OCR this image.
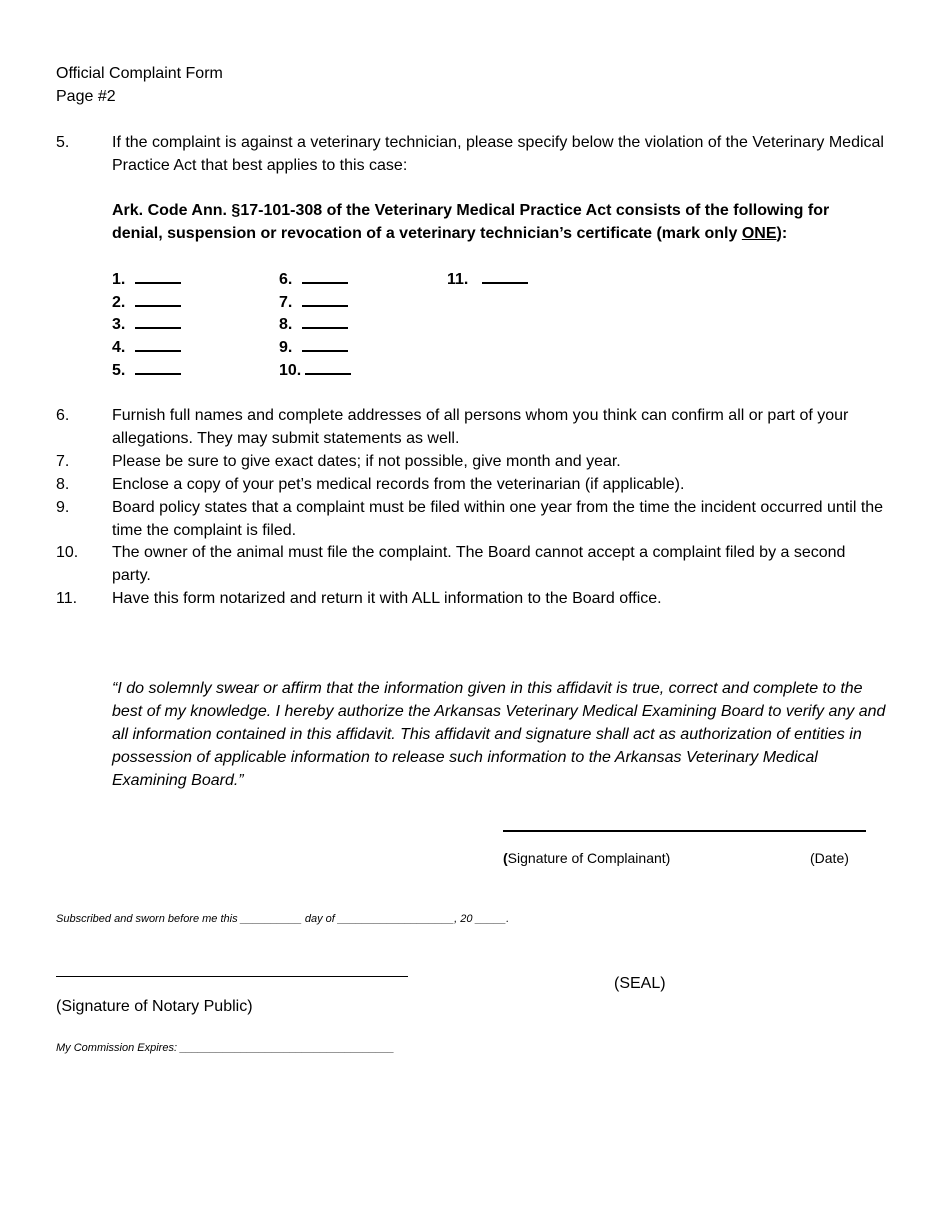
Official Complaint Form
Page #2
5.	If the complaint is against a veterinary technician, please specify below the violation of the Veterinary Medical Practice Act that best applies to this case:
Ark. Code Ann. §17-101-308 of the Veterinary Medical Practice Act consists of the following for denial, suspension or revocation of a veterinary technician’s certificate (mark only ONE):
1.
2.
3.
4.
5.
6.
7.
8.
9.
10.
11.
6.	Furnish full names and complete addresses of all persons whom you think can confirm all or part of your allegations. They may submit statements as well.
7.	Please be sure to give exact dates; if not possible, give month and year.
8.	Enclose a copy of your pet’s medical records from the veterinarian (if applicable).
9.	Board policy states that a complaint must be filed within one year from the time the incident occurred until the time the complaint is filed.
10. The owner of the animal must file the complaint. The Board cannot accept a complaint filed by a second party.
11. Have this form notarized and return it with ALL information to the Board office.
“I do solemnly swear or affirm that the information given in this affidavit is true, correct and complete to the best of my knowledge. I hereby authorize the Arkansas Veterinary Medical Examining Board to verify any and all information contained in this affidavit. This affidavit and signature shall act as authorization of entities in possession of applicable information to release such information to the Arkansas Veterinary Medical Examining Board.”
(Signature of Complainant)	(Date)
Subscribed and sworn before me this __________ day of ___________________, 20 _____.
(SEAL)
(Signature of Notary Public)
My Commission Expires: ___________________________________
